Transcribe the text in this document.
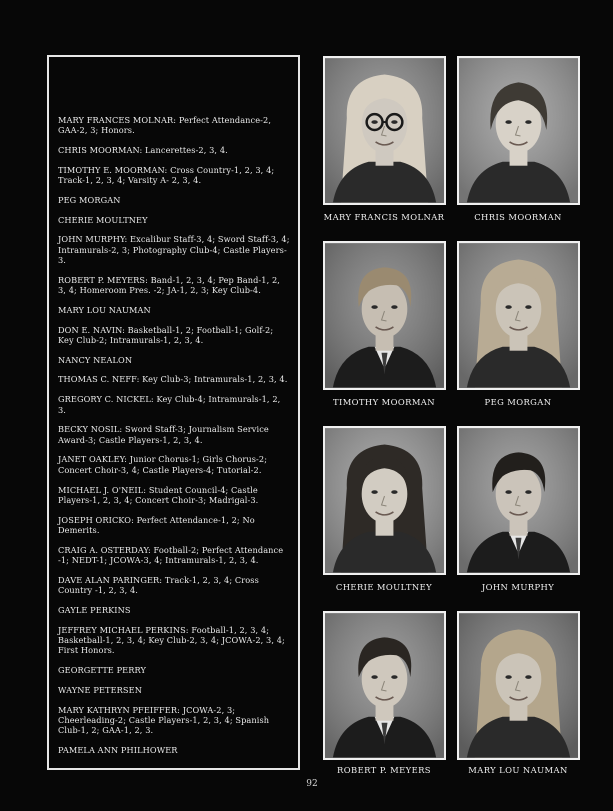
MARY FRANCES MOLNAR: Perfect Attendance-2, GAA-2, 3; Honors.

CHRIS MOORMAN: Lancerettes-2, 3, 4.

TIMOTHY E. MOORMAN: Cross Country-1, 2, 3, 4; Track-1, 2, 3, 4; Varsity A- 2, 3, 4.

PEG MORGAN

CHERIE MOULTNEY

JOHN MURPHY: Excalibur Staff-3, 4; Sword Staff-3, 4; Intramurals-2, 3; Photography Club-4; Castle Players-3.

ROBERT P. MEYERS: Band-1, 2, 3, 4; Pep Band-1, 2, 3, 4; Homeroom Pres. -2; JA-1, 2, 3; Key Club-4.

MARY LOU NAUMAN

DON E. NAVIN: Basketball-1, 2; Football-1; Golf-2; Key Club-2; Intramurals-1, 2, 3, 4.

NANCY NEALON

THOMAS C. NEFF: Key Club-3; Intramurals-1, 2, 3, 4.

GREGORY C. NICKEL: Key Club-4; Intramurals-1, 2, 3.

BECKY NOSIL: Sword Staff-3; Journalism Service Award-3; Castle Players-1, 2, 3, 4.

JANET OAKLEY: Junior Chorus-1; Girls Chorus-2; Concert Choir-3, 4; Castle Players-4; Tutorial-2.

MICHAEL J. O'NEIL: Student Council-4; Castle Players-1, 2, 3, 4; Concert Choir-3; Madrigal-3.

JOSEPH ORICKO: Perfect Attendance-1, 2; No Demerits.

CRAIG A. OSTERDAY: Football-2; Perfect Attendance -1; NEDT-1; JCOWA-3, 4; Intramurals-1, 2, 3, 4.

DAVE ALAN PARINGER: Track-1, 2, 3, 4; Cross Country -1, 2, 3, 4.

GAYLE PERKINS

JEFFREY MICHAEL PERKINS: Football-1, 2, 3, 4; Basketball-1, 2, 3, 4; Key Club-2, 3, 4; JCOWA-2, 3, 4; First Honors.

GEORGETTE PERRY

WAYNE PETERSEN

MARY KATHRYN PFEIFFER: JCOWA-2, 3; Cheerleading-2; Castle Players-1, 2, 3, 4; Spanish Club-1, 2; GAA-1, 2, 3.

PAMELA ANN PHILHOWER

MARY FRANCIS MOLNAR	CHRIS MOORMAN
TIMOTHY MOORMAN	PEG MORGAN
CHERIE MOULTNEY	JOHN MURPHY
ROBERT P. MEYERS	MARY LOU NAUMAN
92
